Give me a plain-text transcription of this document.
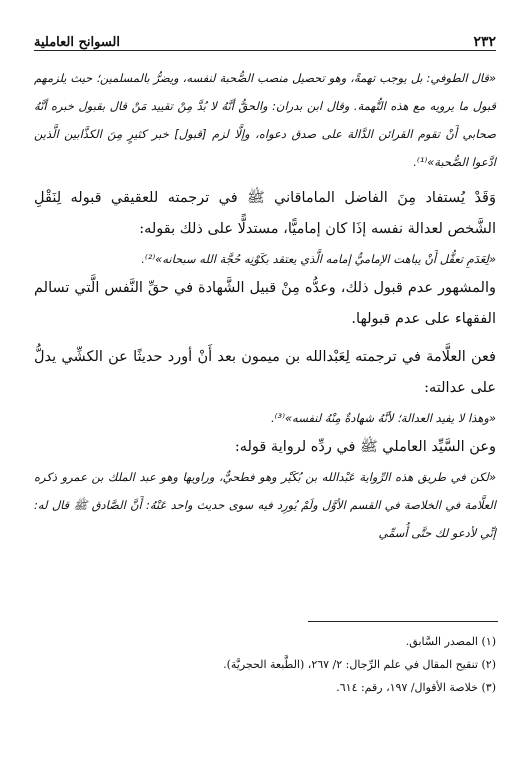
٢٣٢
السوانح العاملية

«قال الطوفي: بل يوجب تهمةً، وهو تحصيل منصب الصُّحبة لنفسه، ويضرُّ بالمسلمين؛ حيث يلزمهم قبول ما يرويه مع هذه التُّهمة. وقال ابن بدران: والحقُّ أنَّهُ لا بُدَّ مِنْ تقييد مَنْ قال بقبول خبره أنَّهُ صحابي أَنْ تقوم القرائن الدَّالة على صدق دعواه، وإلَّا لزم [قبول] خبر كثيرٍ مِنَ الكذَّابين الَّذين ادَّعوا الصُّحبة»⁽¹⁾.

وَقَدْ يُستفاد مِنَ الفاضل الماماقاني ﷺ في ترجمته للعقيقي قبوله لِنَقْلِ الشَّخص لعدالة نفسه إذَا كان إماميًّا، مستدلًّا على ذلك بقوله:

«لِعَدَمِ تعقُّل أَنْ يباهت الإماميُّ إمامه الَّذي يعتقد بكَوْنِه حُجَّة الله سبحانه»⁽²⁾.

والمشهور عدم قبول ذلك، وعدُّه مِنْ قبيل الشَّهادة في حقِّ النَّفس الَّتي تسالم الفقهاء على عدم قبولها.

فعن العلَّامة في ترجمته لِعَبْدالله بن ميمون بعد أَنْ أورد حديثًا عن الكشِّي يدلُّ على عدالته:

«وهذا لا يفيد العدالة؛ لأنَّهُ شهادةٌ مِنْهُ لنفسه»⁽³⁾.

وعن السَّيِّد العاملي ﷺ في ردِّه لرواية قوله:

«لكن في طريق هذه الرِّواية عَبْدالله بن بُكَيْر وهو فطحيٌّ، وراويها وهو عبد الملك بن عمرو ذكره العلَّامة في الخلاصة في القسم الأوَّل ولَمْ يُورِد فيه سوى حديث واحد عَنْهُ: أَنَّ الصَّادق ﷺ قال له: إنِّي لأدعو لك حتَّى أُسمِّي

(١) المصدر السَّابق.

(٢) تنقيح المقال في علم الرِّجال: ٢/ ٢٦٧، (الطَّبعة الحجريَّة).

(٣) خلاصة الأقوال/ ١٩٧، رقم: ٦١٤.
